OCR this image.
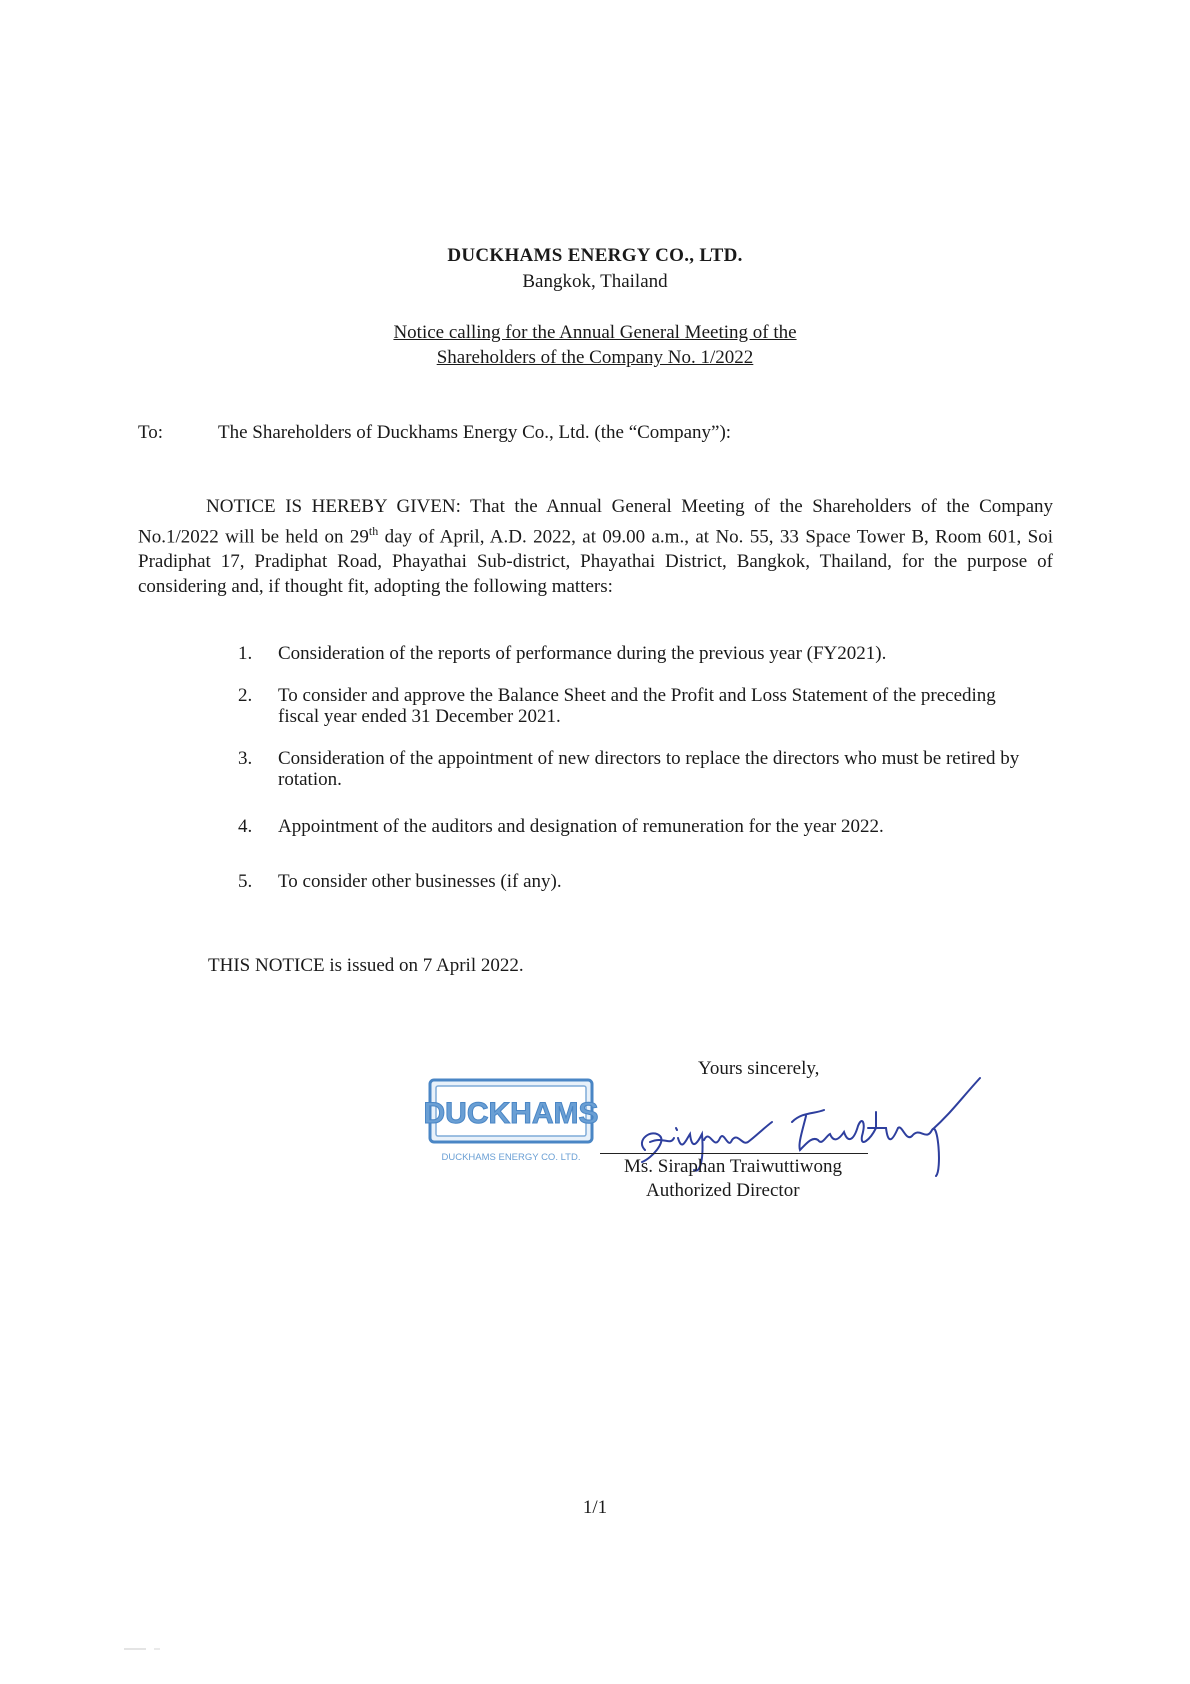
DUCKHAMS ENERGY CO., LTD.
Bangkok, Thailand
Notice calling for the Annual General Meeting of the
Shareholders of the Company No. 1/2022
To:	The Shareholders of Duckhams Energy Co., Ltd. (the “Company”):
NOTICE IS HEREBY GIVEN: That the Annual General Meeting of the Shareholders of the Company No.1/2022 will be held on 29th day of April, A.D. 2022, at 09.00 a.m., at No. 55, 33 Space Tower B, Room 601, Soi Pradiphat 17, Pradiphat Road, Phayathai Sub-district, Phayathai District, Bangkok, Thailand, for the purpose of considering and, if thought fit, adopting the following matters:
1. Consideration of the reports of performance during the previous year (FY2021).
2. To consider and approve the Balance Sheet and the Profit and Loss Statement of the preceding fiscal year ended 31 December 2021.
3. Consideration of the appointment of new directors to replace the directors who must be retired by rotation.
4. Appointment of the auditors and designation of remuneration for the year 2022.
5. To consider other businesses (if any).
THIS NOTICE is issued on 7 April 2022.
Yours sincerely,
DUCKHAMS
DUCKHAMS ENERGY CO. LTD. Ms. Siraphan Traiwuttiwong
Authorized Director
1/1
